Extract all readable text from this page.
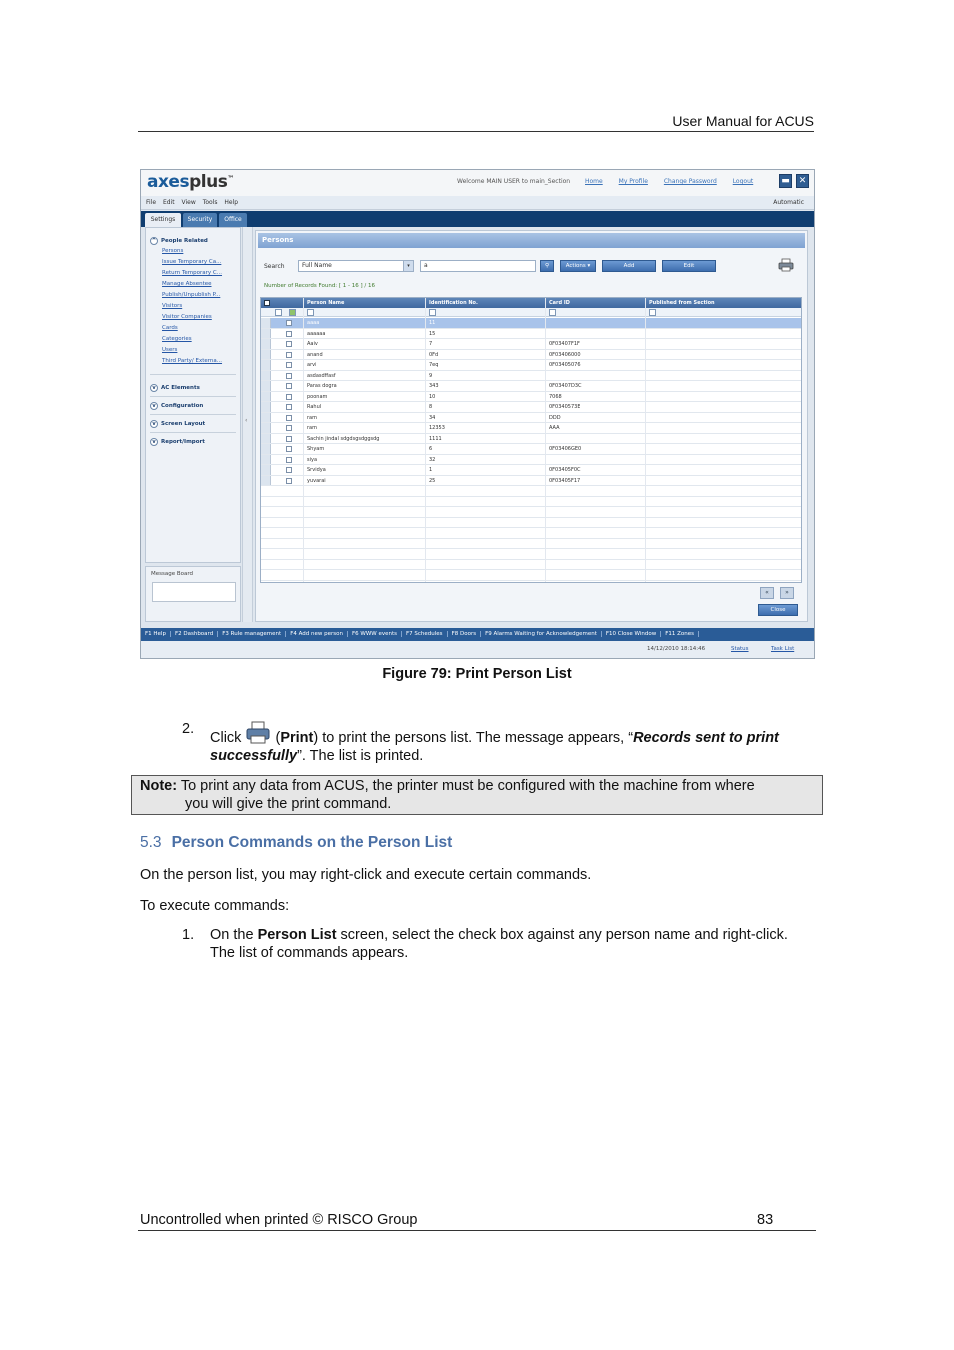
User Manual for ACUS
axesplus™	Welcome MAIN USER to main_Section Home	My Profile	Change Password	Logout	▬ ✕
File Edit View Tools Help	Automatic
Settings	Security	Office
^ People Related
Persons
Issue Temporary Ca...
Return Temporary C...
Manage Absentee
Publish/Unpublish P...
Visitors
Visitor Companies
Cards
Categories
Users
Third Party/ Externa...
v AC Elements
v Configuration
v Screen Layout
v Report/Import
‹
Message Board
Persons
Search	Full Name	▾	a	⚲	Actions ▾	Add	Edit
Number of Records Found: [ 1 - 16 ] / 16
Person Name	Identification No.	Card ID	Published from Section
aaaa	11
aaaaaa	15
Aaiv	7	0F03407F1F
anand	0Fd	0F03406000
arvi	7eq	0F03405076
asdasdffasf	9
Paras dogra	343	0F03407D3C
poonam	10	7068
Rahul	8	0F0340573E
ram	34	DDD
ram	12353	AAA
Sachin jindal sdgdsgsdggsdg	1111
Shyam	6	0F03406GE0
siya	32
Srvidya	1	0F03405F0C
yuvarai	25	0F03405F17
«	»
Close
F1 Help F2 Dashboard F3 Rule management F4 Add new person F6 WWW events F7 Schedules F8 Doors F9 Alarms Waiting for Acknowledgement F10 Close Window F11 Zones
14/12/2010 18:14:46	Status	Task List
Figure 79: Print Person List
2.
Click (Print) to print the persons list. The message appears, “Records sent to print successfully”. The list is printed.
Note: To print any data from ACUS, the printer must be configured with the machine from where
you will give the print command.
5.3 Person Commands on the Person List
On the person list, you may right-click and execute certain commands.
To execute commands:
1. On the Person List screen, select the check box against any person name and right-click. The list of commands appears.
Uncontrolled when printed © RISCO Group	83
